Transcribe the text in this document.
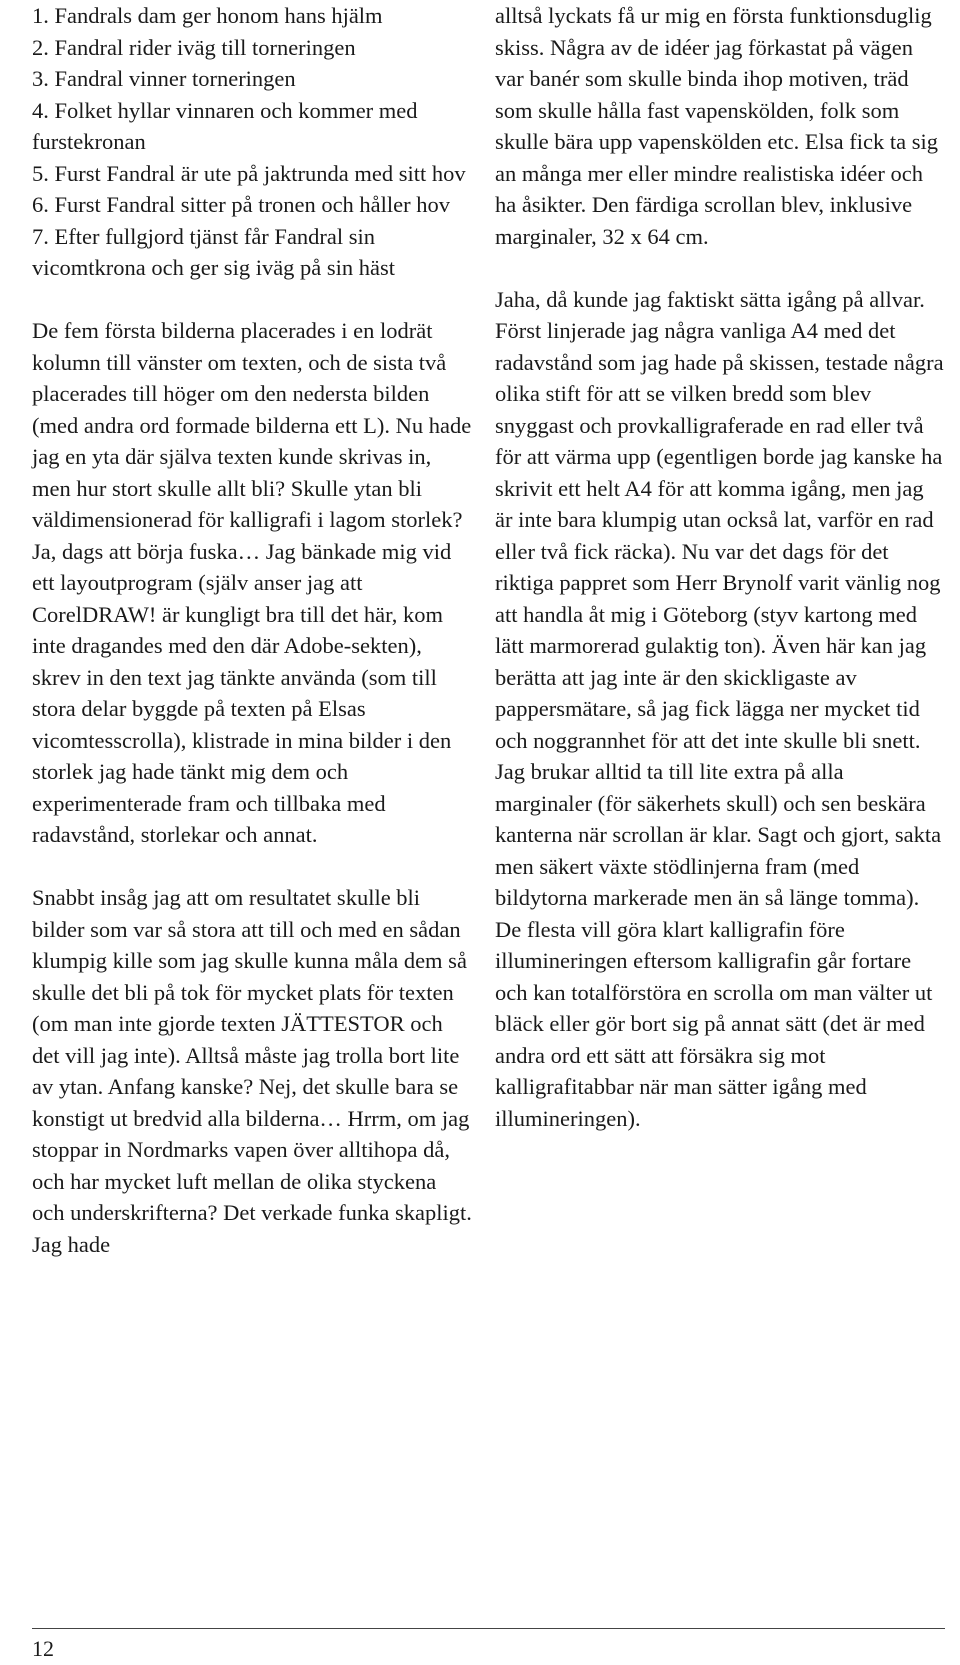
1. Fandrals dam ger honom hans hjälm
2. Fandral rider iväg till torneringen
3. Fandral vinner torneringen
4. Folket hyllar vinnaren och kommer med furstekronan
5. Furst Fandral är ute på jaktrunda med sitt hov
6. Furst Fandral sitter på tronen och håller hov
7. Efter fullgjord tjänst får Fandral sin vicomtkrona och ger sig iväg på sin häst

De fem första bilderna placerades i en lodrät kolumn till vänster om texten, och de sista två placerades till höger om den nedersta bilden (med andra ord formade bilderna ett L). Nu hade jag en yta där själva texten kunde skrivas in, men hur stort skulle allt bli? Skulle ytan bli väldimensionerad för kalligrafi i lagom storlek? Ja, dags att börja fuska… Jag bänkade mig vid ett layoutprogram (själv anser jag att CorelDRAW! är kungligt bra till det här, kom inte dragandes med den där Adobe-sekten), skrev in den text jag tänkte använda (som till stora delar byggde på texten på Elsas vicomtesscrolla), klistrade in mina bilder i den storlek jag hade tänkt mig dem och experimenterade fram och tillbaka med radavstånd, storlekar och annat.

Snabbt insåg jag att om resultatet skulle bli bilder som var så stora att till och med en sådan klumpig kille som jag skulle kunna måla dem så skulle det bli på tok för mycket plats för texten (om man inte gjorde texten JÄTTESTOR och det vill jag inte). Alltså måste jag trolla bort lite av ytan. Anfang kanske? Nej, det skulle bara se konstigt ut bredvid alla bilderna… Hrrm, om jag stoppar in Nordmarks vapen över alltihopa då, och har mycket luft mellan de olika styckena och underskrifterna? Det verkade funka skapligt. Jag hade

alltså lyckats få ur mig en första funktionsduglig skiss. Några av de idéer jag förkastat på vägen var banér som skulle binda ihop motiven, träd som skulle hålla fast vapenskölden, folk som skulle bära upp vapenskölden etc. Elsa fick ta sig an många mer eller mindre realistiska idéer och ha åsikter. Den färdiga scrollan blev, inklusive marginaler, 32 x 64 cm.

Jaha, då kunde jag faktiskt sätta igång på allvar. Först linjerade jag några vanliga A4 med det radavstånd som jag hade på skissen, testade några olika stift för att se vilken bredd som blev snyggast och provkalligraferade en rad eller två för att värma upp (egentligen borde jag kanske ha skrivit ett helt A4 för att komma igång, men jag är inte bara klumpig utan också lat, varför en rad eller två fick räcka). Nu var det dags för det riktiga pappret som Herr Brynolf varit vänlig nog att handla åt mig i Göteborg (styv kartong med lätt marmorerad gulaktig ton). Även här kan jag berätta att jag inte är den skickligaste av pappersmätare, så jag fick lägga ner mycket tid och noggrannhet för att det inte skulle bli snett. Jag brukar alltid ta till lite extra på alla marginaler (för säkerhets skull) och sen beskära kanterna när scrollan är klar. Sagt och gjort, sakta men säkert växte stödlinjerna fram (med bildytorna markerade men än så länge tomma). De flesta vill göra klart kalligrafin före illumineringen eftersom kalligrafin går fortare och kan totalförstöra en scrolla om man välter ut bläck eller gör bort sig på annat sätt (det är med andra ord ett sätt att försäkra sig mot kalligrafitabbar när man sätter igång med illumineringen).

12
